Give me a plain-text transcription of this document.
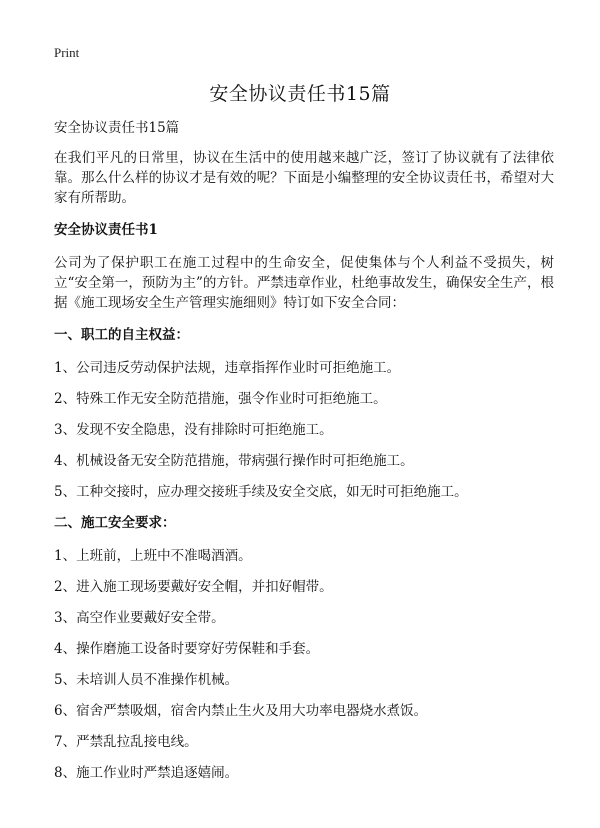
Print
安全协议责任书15篇

安全协议责任书15篇

在我们平凡的日常里，协议在生活中的使用越来越广泛，签订了协议就有了法律依靠。那么什么样的协议才是有效的呢？下面是小编整理的安全协议责任书，希望对大家有所帮助。

安全协议责任书1

公司为了保护职工在施工过程中的生命安全，促使集体与个人利益不受损失，树立“安全第一，预防为主”的方针。严禁违章作业，杜绝事故发生，确保安全生产，根据《施工现场安全生产管理实施细则》特订如下安全合同：

一、职工的自主权益：

1、公司违反劳动保护法规，违章指挥作业时可拒绝施工。

2、特殊工作无安全防范措施，强令作业时可拒绝施工。

3、发现不安全隐患，没有排除时可拒绝施工。

4、机械设备无安全防范措施，带病强行操作时可拒绝施工。

5、工种交接时，应办理交接班手续及安全交底，如无时可拒绝施工。

二、施工安全要求：

1、上班前，上班中不准喝酒酒。

2、进入施工现场要戴好安全帽，并扣好帽带。

3、高空作业要戴好安全带。

4、操作磨施工设备时要穿好劳保鞋和手套。

5、未培训人员不准操作机械。

6、宿舍严禁吸烟，宿舍内禁止生火及用大功率电器烧水煮饭。

7、严禁乱拉乱接电线。

8、施工作业时严禁追逐嬉闹。
